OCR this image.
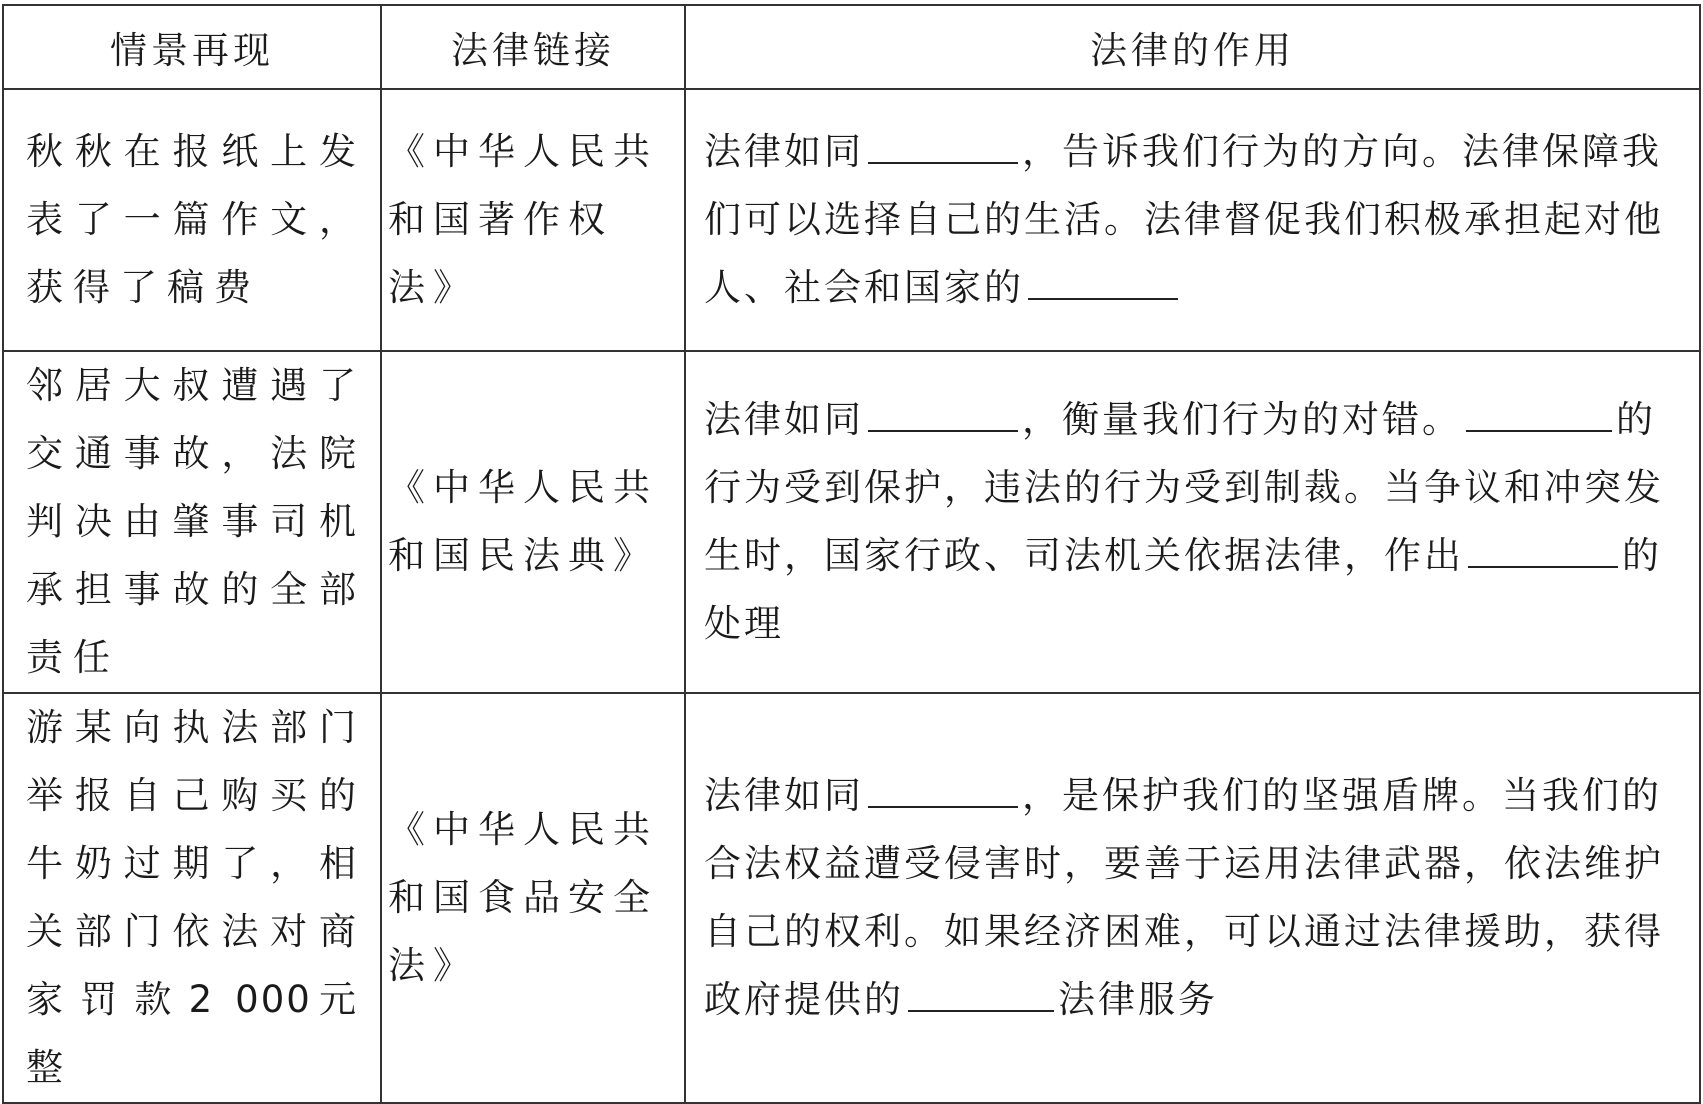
情景再现	法律链接	法律的作用

秋秋在报纸上发表了一篇作文，获得了稿费	《中华人民共和国著作权法》	法律如同 ，告诉我们行为的方向。法律保障我们可以选择自己的生活。法律督促我们积极承担起对他人、社会和国家的

邻居大叔遭遇了交通事故，法院判决由肇事司机承担事故的全部责任	《中华人民共和国民法典》	法律如同 ，衡量我们行为的对错。 的行为受到保护，违法的行为受到制裁。当争议和冲突发生时，国家行政、司法机关依据法律，作出 的处理

游某向执法部门举报自己购买的牛奶过期了，相关部门依法对商家罚款2 000元整	《中华人民共和国食品安全法》	法律如同 ，是保护我们的坚强盾牌。当我们的合法权益遭受侵害时，要善于运用法律武器，依法维护自己的权利。如果经济困难，可以通过法律援助，获得政府提供的 法律服务
